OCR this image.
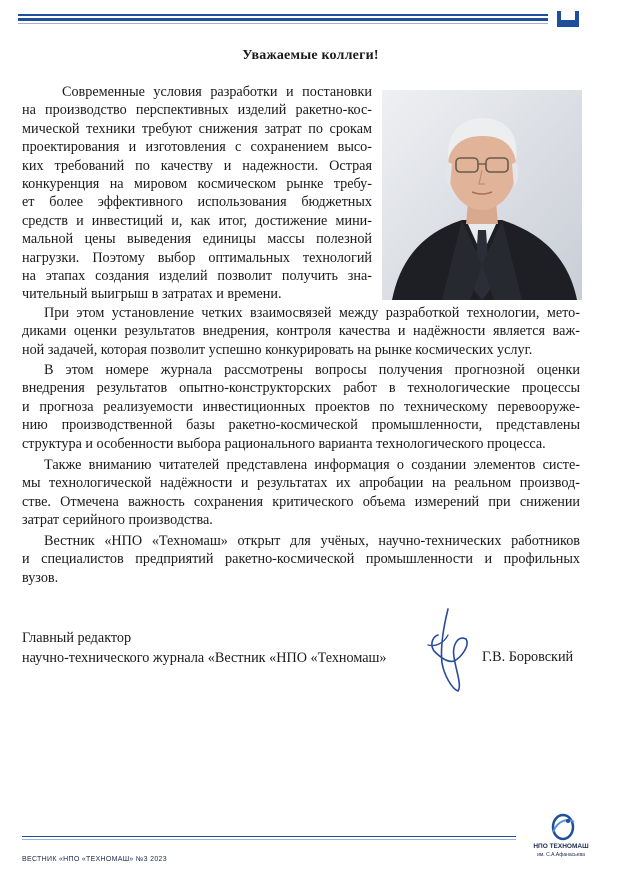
Уважаемые коллеги!
Современные условия разработки и постановки
на производство перспективных изделий ракетно-кос-
мической техники требуют снижения затрат по срокам
проектирования и изготовления с сохранением высо-
ких требований по качеству и надежности. Острая
конкуренция на мировом космическом рынке требу-
ет более эффективного использования бюджетных
средств и инвестиций и, как итог, достижение мини-
мальной цены выведения единицы массы полезной
нагрузки. Поэтому выбор оптимальных технологий
на этапах создания изделий позволит получить зна-
чительный выигрыш в затратах и времени.
При этом установление четких взаимосвязей между разработкой технологии, мето-
диками оценки результатов внедрения, контроля качества и надёжности является важ-
ной задачей, которая позволит успешно конкурировать на рынке космических услуг.
В этом номере журнала рассмотрены вопросы получения прогнозной оценки
внедрения результатов опытно-конструкторских работ в технологические процессы
и прогноза реализуемости инвестиционных проектов по техническому перевооруже-
нию производственной базы ракетно-космической промышленности, представлены
структура и особенности выбора рационального варианта технологического процесса.
Также вниманию читателей представлена информация о создании элементов систе-
мы технологической надёжности и результатах их апробации на реальном производ-
стве. Отмечена важность сохранения критического объема измерений при снижении
затрат серийного производства.
Вестник «НПО «Техномаш» открыт для учёных, научно-технических работников
и специалистов предприятий ракетно-космической промышленности и профильных
вузов.
Главный редактор
научно-технического журнала «Вестник «НПО «Техномаш»	Г.В. Боровский
ВЕСТНИК «НПО «ТЕХНОМАШ» №3 2023
НПО ТЕХНОМАШ
им. С.А.Афанасьева
